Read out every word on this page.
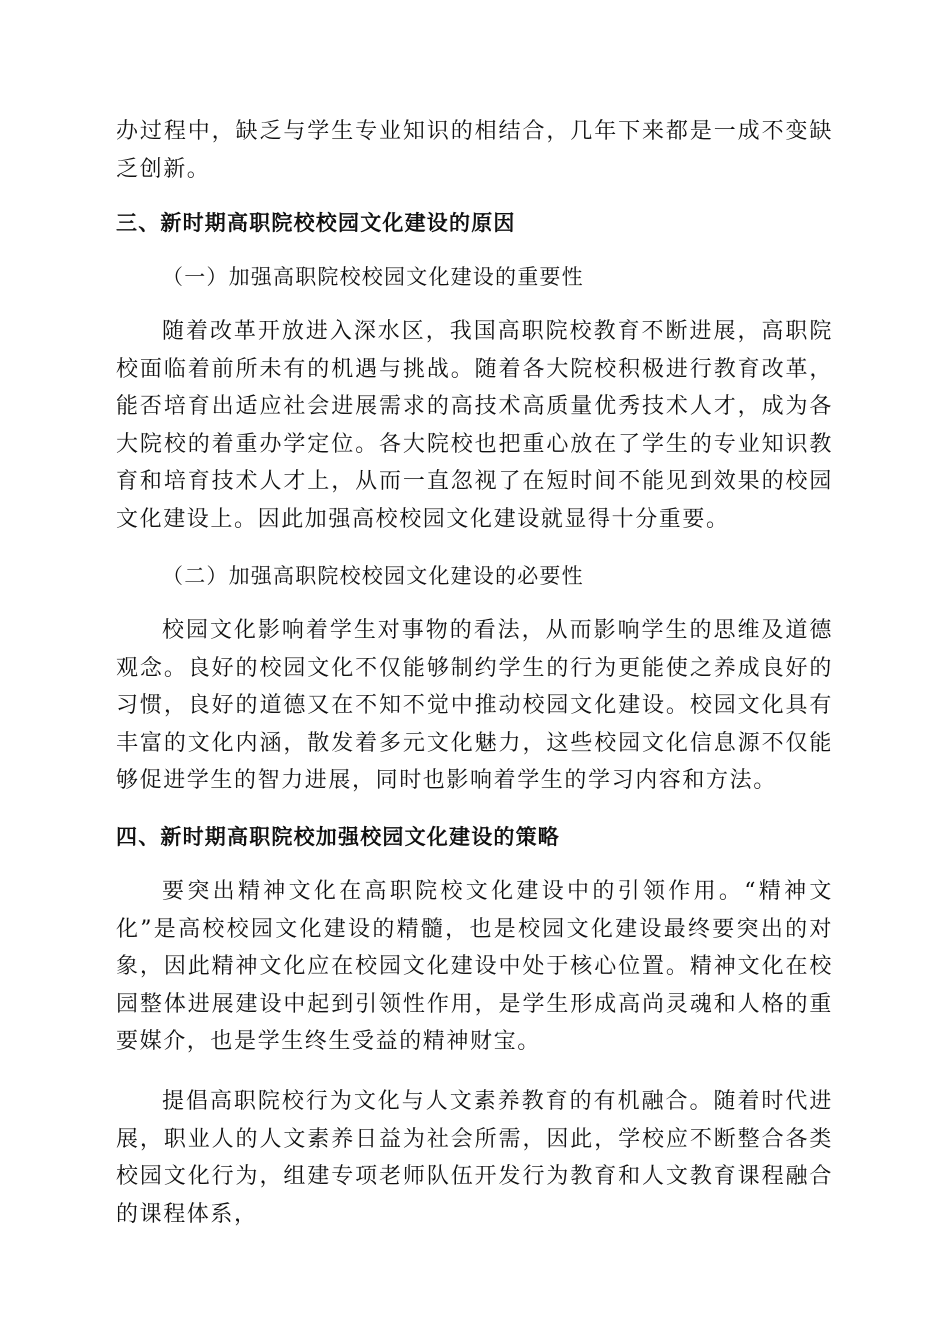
办过程中，缺乏与学生专业知识的相结合，几年下来都是一成不变缺乏创新。

三、新时期高职院校校园文化建设的原因
（一）加强高职院校校园文化建设的重要性

随着改革开放进入深水区，我国高职院校教育不断进展，高职院校面临着前所未有的机遇与挑战。随着各大院校积极进行教育改革，能否培育出适应社会进展需求的高技术高质量优秀技术人才，成为各大院校的着重办学定位。各大院校也把重心放在了学生的专业知识教育和培育技术人才上，从而一直忽视了在短时间不能见到效果的校园文化建设上。因此加强高校校园文化建设就显得十分重要。

（二）加强高职院校校园文化建设的必要性

校园文化影响着学生对事物的看法，从而影响学生的思维及道德观念。良好的校园文化不仅能够制约学生的行为更能使之养成良好的习惯，良好的道德又在不知不觉中推动校园文化建设。校园文化具有丰富的文化内涵，散发着多元文化魅力，这些校园文化信息源不仅能够促进学生的智力进展，同时也影响着学生的学习内容和方法。

四、新时期高职院校加强校园文化建设的策略

要突出精神文化在高职院校文化建设中的引领作用。“精神文化”是高校校园文化建设的精髓，也是校园文化建设最终要突出的对象，因此精神文化应在校园文化建设中处于核心位置。精神文化在校园整体进展建设中起到引领性作用，是学生形成高尚灵魂和人格的重要媒介，也是学生终生受益的精神财宝。

提倡高职院校行为文化与人文素养教育的有机融合。随着时代进展，职业人的人文素养日益为社会所需，因此，学校应不断整合各类校园文化行为，组建专项老师队伍开发行为教育和人文教育课程融合的课程体系，
